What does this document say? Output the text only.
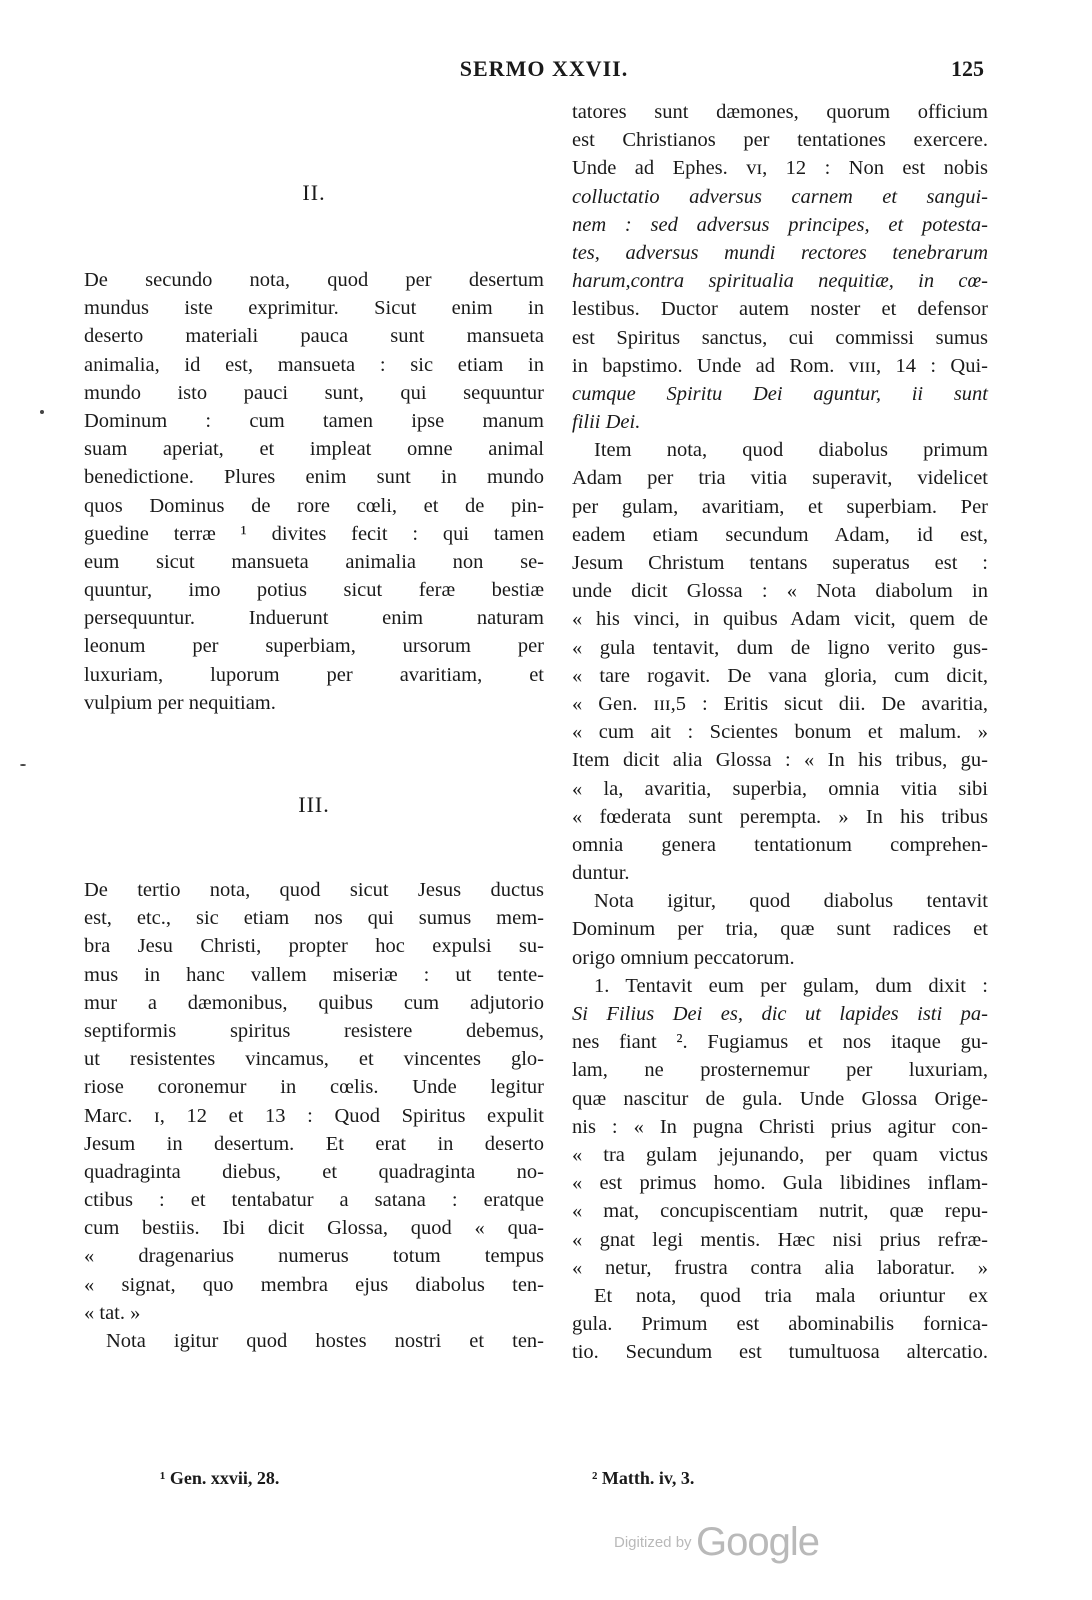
SERMO XXVII.	125
II.
De secundo nota, quod per desertum
mundus iste exprimitur. Sicut enim in
deserto materiali pauca sunt mansueta
animalia, id est, mansueta : sic etiam in
mundo isto pauci sunt, qui sequuntur
Dominum : cum tamen ipse manum
suam aperiat, et impleat omne animal
benedictione. Plures enim sunt in mundo
quos Dominus de rore cœli, et de pin-
guedine terræ ¹ divites fecit : qui tamen
eum sicut mansueta animalia non se-
quuntur, imo potius sicut feræ bestiæ
persequuntur. Induerunt enim naturam
leonum per superbiam, ursorum per
luxuriam, luporum per avaritiam, et
vulpium per nequitiam.
III.
De tertio nota, quod sicut Jesus ductus
est, etc., sic etiam nos qui sumus mem-
bra Jesu Christi, propter hoc expulsi su-
mus in hanc vallem miseriæ : ut tente-
mur a dæmonibus, quibus cum adjutorio
septiformis spiritus resistere debemus,
ut resistentes vincamus, et vincentes glo-
riose coronemur in cœlis. Unde legitur
Marc. ɪ, 12 et 13 : Quod Spiritus expulit
Jesum in desertum. Et erat in deserto
quadraginta diebus, et quadraginta no-
ctibus : et tentabatur a satana : eratque
cum bestiis. Ibi dicit Glossa, quod « qua-
« dragenarius numerus totum tempus
« signat, quo membra ejus diabolus ten-
« tat. »
Nota igitur quod hostes nostri et ten-
tatores sunt dæmones, quorum officium
est Christianos per tentationes exercere.
Unde ad Ephes. ᴠɪ, 12 : Non est nobis
colluctatio adversus carnem et sangui-
nem : sed adversus principes, et potesta-
tes, adversus mundi rectores tenebrarum
harum,contra spiritualia nequitiæ, in cœ-
lestibus. Ductor autem noster et defensor
est Spiritus sanctus, cui commissi sumus
in bapstimo. Unde ad Rom. ᴠɪɪɪ, 14 : Qui-
cumque Spiritu Dei aguntur, ii sunt
filii Dei.
Item nota, quod diabolus primum
Adam per tria vitia superavit, videlicet
per gulam, avaritiam, et superbiam. Per
eadem etiam secundum Adam, id est,
Jesum Christum tentans superatus est :
unde dicit Glossa : « Nota diabolum in
« his vinci, in quibus Adam vicit, quem de
« gula tentavit, dum de ligno verito gus-
« tare rogavit. De vana gloria, cum dicit,
« Gen. ɪɪɪ,5 : Eritis sicut dii. De avaritia,
« cum ait : Scientes bonum et malum. »
Item dicit alia Glossa : « In his tribus, gu-
« la, avaritia, superbia, omnia vitia sibi
« fœderata sunt perempta. » In his tribus
omnia genera tentationum comprehen-
duntur.
Nota igitur, quod diabolus tentavit
Dominum per tria, quæ sunt radices et
origo omnium peccatorum.
1. Tentavit eum per gulam, dum dixit :
Si Filius Dei es, dic ut lapides isti pa-
nes fiant ². Fugiamus et nos itaque gu-
lam, ne prosternemur per luxuriam,
quæ nascitur de gula. Unde Glossa Orige-
nis : « In pugna Christi prius agitur con-
« tra gulam jejunando, per quam victus
« est primus homo. Gula libidines inflam-
« mat, concupiscentiam nutrit, quæ repu-
« gnat legi mentis. Hæc nisi prius refræ-
« netur, frustra contra alia laboratur. »
Et nota, quod tria mala oriuntur ex
gula. Primum est abominabilis fornica-
tio. Secundum est tumultuosa altercatio.
¹ Gen. xxvii, 28.	² Matth. iv, 3.
Digitized by Google
